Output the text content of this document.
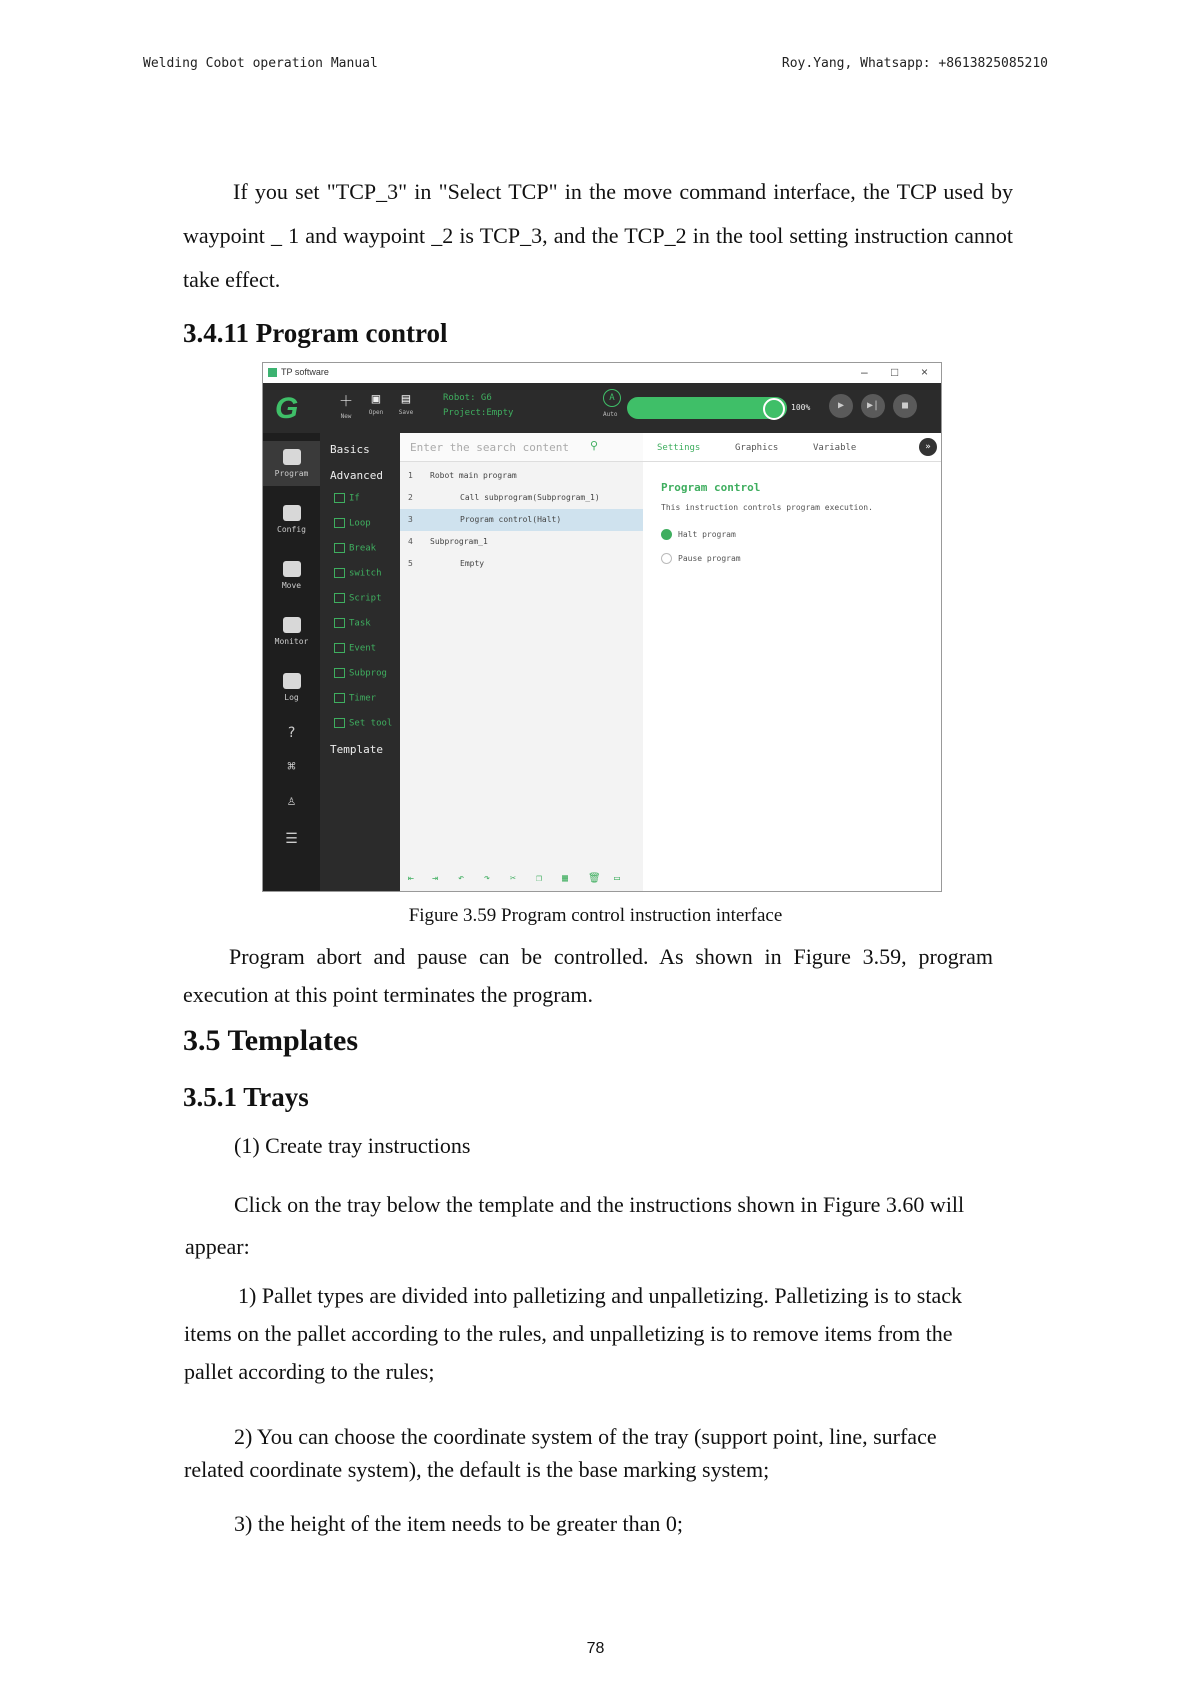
Welding Cobot operation Manual	Roy.Yang, Whatsapp: +8613825085210
If you set "TCP_3" in "Select TCP" in the move command interface, the TCP used by waypoint _ 1 and waypoint _2 is TCP_3, and the TCP_2 in the tool setting instruction cannot take effect.
3.4.11 Program control
TP software	– □ ×
G	＋
New
▣
Open
▤
Save
Robot: G6
Project:Empty
A
Auto
100%	▶	▶|	■
Program
Config
Move
Monitor
Log
?
⌘
♙
☰
Basics
Advanced
If
Loop
Break
switch
Script
Task
Event
Subprog
Timer
Set tool
Template
Enter the search content ⚲
1 Robot main program
2	Call subprogram(Subprogram_1)
3	Program control(Halt)
4 Subprogram_1
5	Empty
⇤ ⇥ ↶ ↷ ✂ ❐ ▦ 🗑 ▭
Settings	Graphics	Variable	»
Program control
This instruction controls program execution.
Halt program
Pause program
Figure 3.59 Program control instruction interface
Program abort and pause can be controlled. As shown in Figure 3.59, program execution at this point terminates the program.
3.5 Templates
3.5.1 Trays
(1) Create tray instructions
Click on the tray below the template and the instructions shown in Figure 3.60 will appear:
1) Pallet types are divided into palletizing and unpalletizing. Palletizing is to stack items on the pallet according to the rules, and unpalletizing is to remove items from the pallet according to the rules;
2) You can choose the coordinate system of the tray (support point, line, surface related coordinate system), the default is the base marking system;
3) the height of the item needs to be greater than 0;
78
